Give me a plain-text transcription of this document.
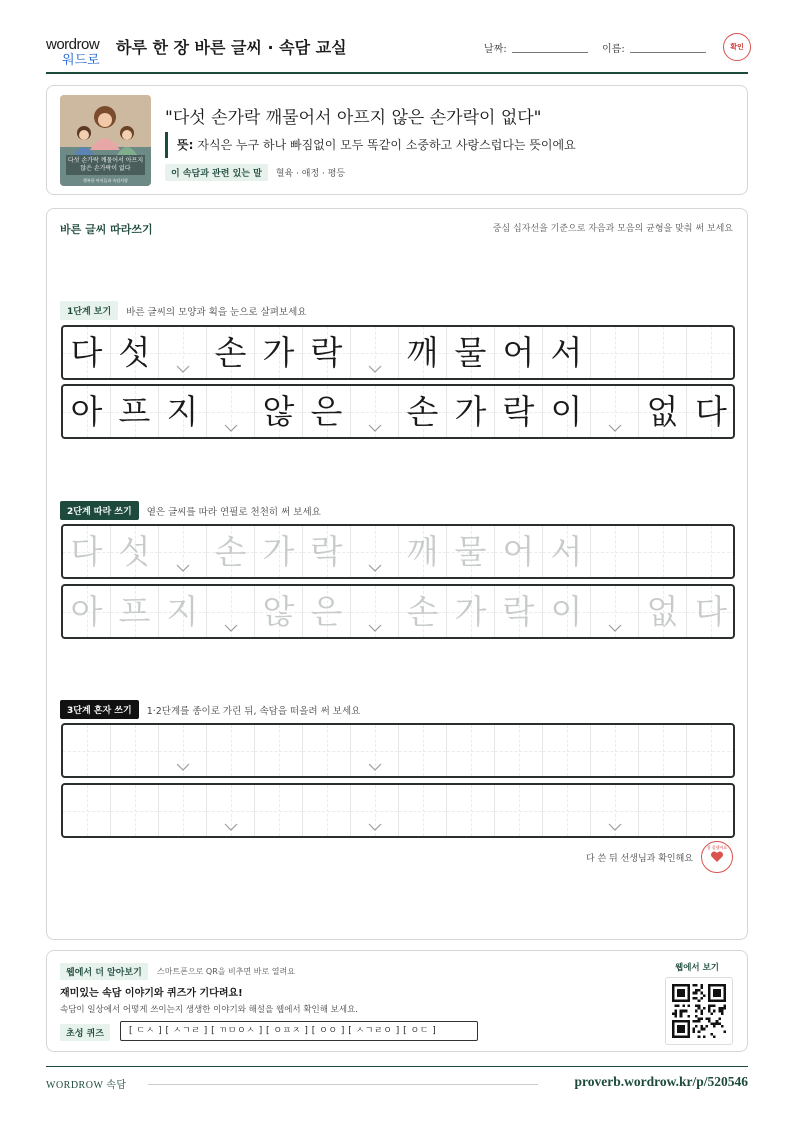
wordrow
워드로
하루 한 장 바른 글씨 · 속담 교실	날짜:	이름:	확인
다섯 손가락 깨물어서 아프지 않은 손가락이 없다
행복한 아이들과 속담사랑
"다섯 손가락 깨물어서 아프지 않은 손가락이 없다"
뜻: 자식은 누구 하나 빠짐없이 모두 똑같이 소중하고 사랑스럽다는 뜻이에요
이 속담과 관련 있는 말	혈육 · 애정 · 평등
바른 글씨 따라쓰기	중심 십자선을 기준으로 자음과 모음의 균형을 맞춰 써 보세요
1단계 보기	바른 글씨의 모양과 획을 눈으로 살펴보세요
다 섯 손 가 락 깨 물 어 서
아 프 지 않 은 손 가 락 이 없 다
2단계 따라 쓰기	옅은 글씨를 따라 연필로 천천히 써 보세요
다 섯 손 가 락 깨 물 어 서
아 프 지 않 은 손 가 락 이 없 다
3단계 혼자 쓰기	1·2단계를 종이로 가린 뒤, 속담을 떠올려 써 보세요
다 쓴 뒤 선생님과 확인해요
참 잘했어요
웹에서 더 알아보기	스마트폰으로 QR을 비추면 바로 열려요
재미있는 속담 이야기와 퀴즈가 기다려요!
속담이 일상에서 어떻게 쓰이는지 생생한 이야기와 해설을 웹에서 확인해 보세요.
초성 퀴즈	[ ㄷㅅ ] [ ㅅㄱㄹ ] [ ㄲㅁㅇㅅ ] [ ㅇㅍㅈ ] [ ㅇㅇ ] [ ㅅㄱㄹㅇ ] [ ㅇㄷ ]
웹에서 보기
WORDROW 속담	proverb.wordrow.kr/p/520546
